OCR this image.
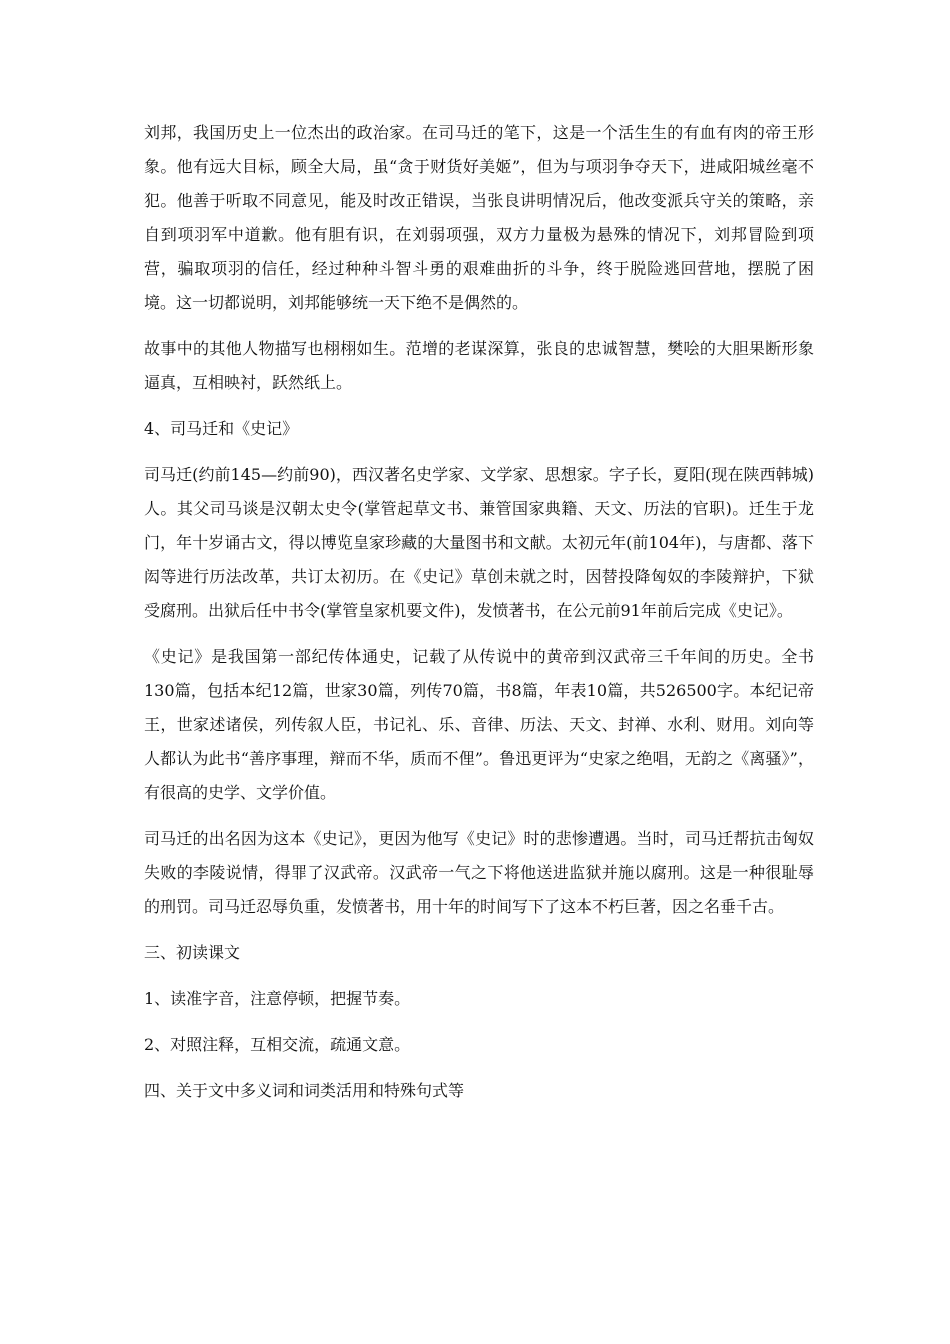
刘邦，我国历史上一位杰出的政治家。在司马迁的笔下，这是一个活生生的有血有肉的帝王形象。他有远大目标，顾全大局，虽“贪于财货好美姬”，但为与项羽争夺天下，进咸阳城丝毫不犯。他善于听取不同意见，能及时改正错误，当张良讲明情况后，他改变派兵守关的策略，亲自到项羽军中道歉。他有胆有识，在刘弱项强，双方力量极为悬殊的情况下，刘邦冒险到项营，骗取项羽的信任，经过种种斗智斗勇的艰难曲折的斗争，终于脱险逃回营地，摆脱了困境。这一切都说明，刘邦能够统一天下绝不是偶然的。

故事中的其他人物描写也栩栩如生。范增的老谋深算，张良的忠诚智慧，樊哙的大胆果断形象逼真，互相映衬，跃然纸上。

4、司马迁和《史记》

司马迁(约前145—约前90)，西汉著名史学家、文学家、思想家。字子长，夏阳(现在陕西韩城)人。其父司马谈是汉朝太史令(掌管起草文书、兼管国家典籍、天文、历法的官职)。迁生于龙门，年十岁诵古文，得以博览皇家珍藏的大量图书和文献。太初元年(前104年)，与唐都、落下闳等进行历法改革，共订太初历。在《史记》草创未就之时，因替投降匈奴的李陵辩护，下狱受腐刑。出狱后任中书令(掌管皇家机要文件)，发愤著书，在公元前91年前后完成《史记》。

《史记》是我国第一部纪传体通史，记载了从传说中的黄帝到汉武帝三千年间的历史。全书130篇，包括本纪12篇，世家30篇，列传70篇，书8篇，年表10篇，共526500字。本纪记帝王，世家述诸侯，列传叙人臣，书记礼、乐、音律、历法、天文、封禅、水利、财用。刘向等人都认为此书“善序事理，辩而不华，质而不俚”。鲁迅更评为“史家之绝唱，无韵之《离骚》”，有很高的史学、文学价值。

司马迁的出名因为这本《史记》，更因为他写《史记》时的悲惨遭遇。当时，司马迁帮抗击匈奴失败的李陵说情，得罪了汉武帝。汉武帝一气之下将他送进监狱并施以腐刑。这是一种很耻辱的刑罚。司马迁忍辱负重，发愤著书，用十年的时间写下了这本不朽巨著，因之名垂千古。

三、初读课文

1、读准字音，注意停顿，把握节奏。

2、对照注释，互相交流，疏通文意。

四、关于文中多义词和词类活用和特殊句式等
